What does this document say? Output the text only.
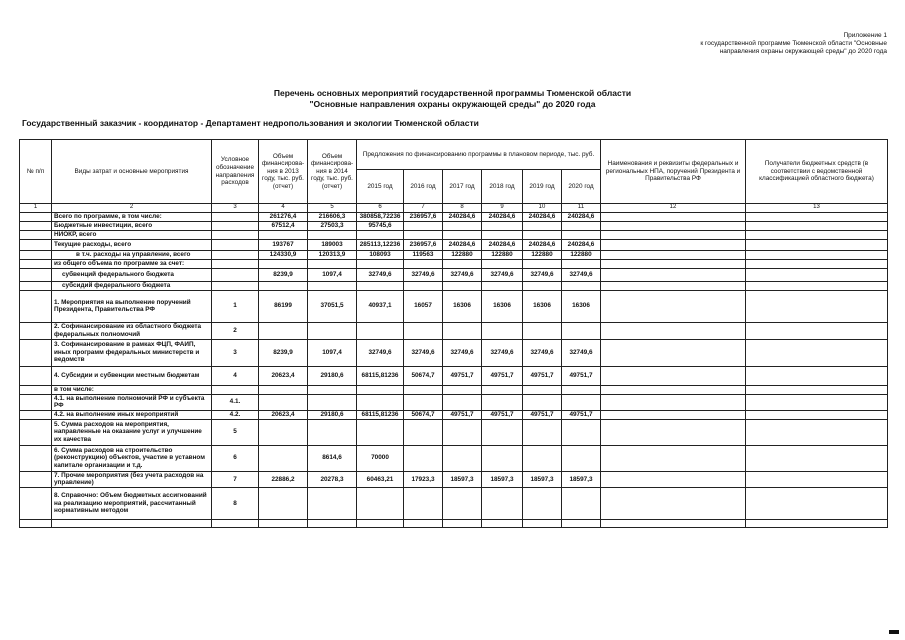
Приложение 1
к государственной программе Тюменской области "Основные
направления охраны окружающей среды" до 2020 года
Перечень основных мероприятий государственной программы Тюменской области
"Основные направления охраны окружающей среды" до 2020 года
Государственный заказчик - координатор - Департамент недропользования и экологии Тюменской области
№ п/п	Виды затрат и основные мероприятия	Условное обозначение направления расходов	Объем финансирова-ния в 2013 году, тыс. руб. (отчет)	Объем финансирова-ния в 2014 году, тыс. руб. (отчет)	Предложения по финансированию программы в плановом периоде, тыс. руб.						Наименования и реквизиты федеральных и региональных НПА, поручений Президента и Правительства РФ	Получатели бюджетных средств (в соответствии с ведомственной классификацией областного бюджета)
					2015 год	2016 год	2017 год	2018 год	2019 год	2020 год		
1	2	3	4	5	6	7	8	9	10	11	12	13
	Всего по программе, в том числе:		261276,4	216606,3	380858,72236	236957,6	240284,6	240284,6	240284,6	240284,6		
	Бюджетные инвестиции, всего		67512,4	27503,3	95745,6							
	НИОКР, всего											
	Текущие расходы, всего		193767	189003	285113,12236	236957,6	240284,6	240284,6	240284,6	240284,6		
	в т.ч. расходы на управление, всего		124330,9	120313,9	108093	119563	122880	122880	122880	122880		
	из общего объема по программе за счет:											
	субвенций федерального бюджета		8239,9	1097,4	32749,6	32749,6	32749,6	32749,6	32749,6	32749,6		
	субсидий федерального бюджета											
	1. Мероприятия на выполнение поручений Президента, Правительства РФ	1	86199	37051,5	40937,1	16057	16306	16306	16306	16306		
	2. Софинансирование из областного бюджета федеральных полномочий	2										
	3. Софинансирование в рамках ФЦП, ФАИП, иных программ федеральных министерств и ведомств	3	8239,9	1097,4	32749,6	32749,6	32749,6	32749,6	32749,6	32749,6		
	4. Субсидии и субвенции местным бюджетам	4	20623,4	29180,6	68115,81236	50674,7	49751,7	49751,7	49751,7	49751,7		
	в том числе:											
	4.1. на выполнение полномочий РФ и субъекта РФ	4.1.										
	4.2. на выполнение иных мероприятий	4.2.	20623,4	29180,6	68115,81236	50674,7	49751,7	49751,7	49751,7	49751,7		
	5. Сумма расходов на мероприятия, направленные на оказание услуг и улучшение их качества	5										
	6. Сумма расходов на строительство (реконструкцию) объектов, участие в уставном капитале организации и т.д.	6		8614,6	70000							
	7. Прочие мероприятия (без учета расходов на управление)	7	22886,2	20278,3	60463,21	17923,3	18597,3	18597,3	18597,3	18597,3		
	8. Справочно: Объем бюджетных ассигнований на реализацию мероприятий, рассчитанный нормативным методом	8										
